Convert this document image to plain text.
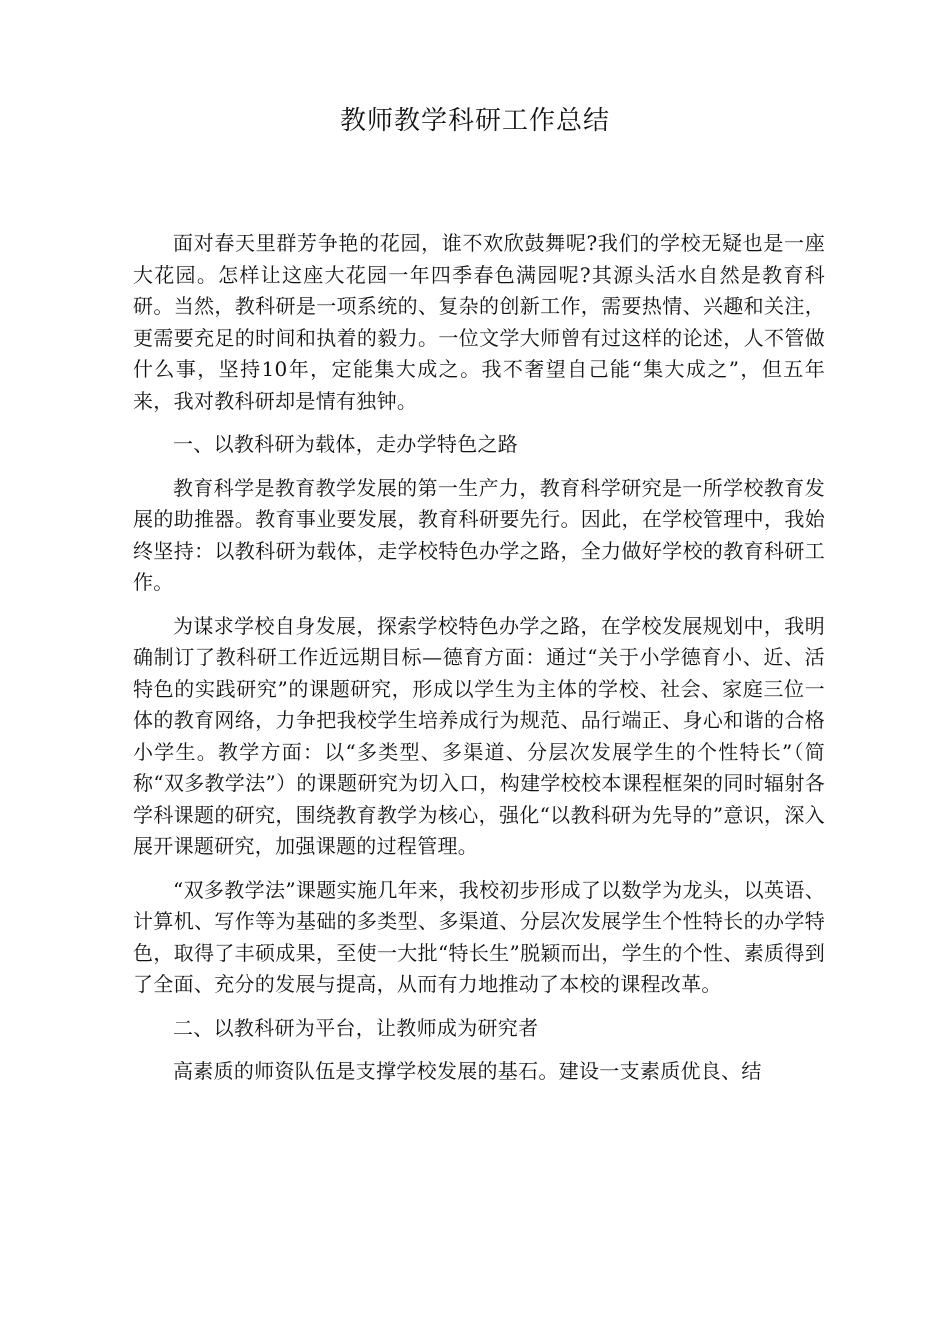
教师教学科研工作总结

面对春天里群芳争艳的花园，谁不欢欣鼓舞呢?我们的学校无疑也是一座大花园。怎样让这座大花园一年四季春色满园呢?其源头活水自然是教育科研。当然，教科研是一项系统的、复杂的创新工作，需要热情、兴趣和关注，更需要充足的时间和执着的毅力。一位文学大师曾有过这样的论述，人不管做什么事，坚持10年，定能集大成之。我不奢望自己能“集大成之”，但五年来，我对教科研却是情有独钟。

一、以教科研为载体，走办学特色之路

教育科学是教育教学发展的第一生产力，教育科学研究是一所学校教育发展的助推器。教育事业要发展，教育科研要先行。因此，在学校管理中，我始终坚持：以教科研为载体，走学校特色办学之路，全力做好学校的教育科研工作。

为谋求学校自身发展，探索学校特色办学之路，在学校发展规划中，我明确制订了教科研工作近远期目标—德育方面：通过“关于小学德育小、近、活特色的实践研究”的课题研究，形成以学生为主体的学校、社会、家庭三位一体的教育网络，力争把我校学生培养成行为规范、品行端正、身心和谐的合格小学生。教学方面：以“多类型、多渠道、分层次发展学生的个性特长”（简称“双多教学法”）的课题研究为切入口，构建学校校本课程框架的同时辐射各学科课题的研究，围绕教育教学为核心，强化“以教科研为先导的”意识，深入展开课题研究，加强课题的过程管理。

“双多教学法”课题实施几年来，我校初步形成了以数学为龙头，以英语、计算机、写作等为基础的多类型、多渠道、分层次发展学生个性特长的办学特色，取得了丰硕成果，至使一大批“特长生”脱颖而出，学生的个性、素质得到了全面、充分的发展与提高，从而有力地推动了本校的课程改革。

二、以教科研为平台，让教师成为研究者

高素质的师资队伍是支撑学校发展的基石。建设一支素质优良、结
